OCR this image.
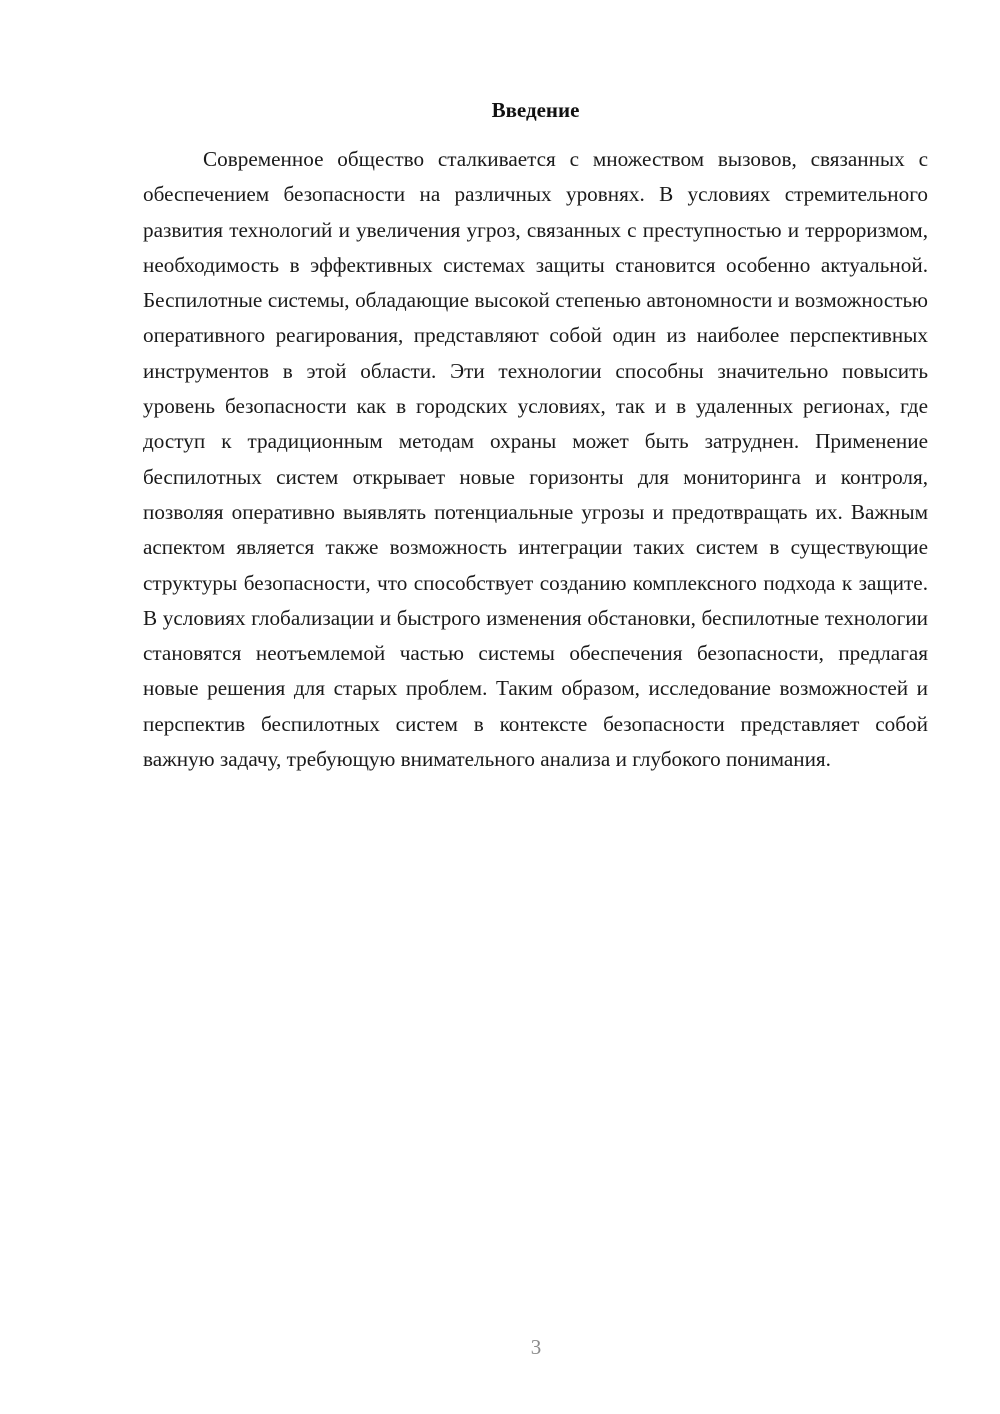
Введение

Современное общество сталкивается с множеством вызовов, связанных с обеспечением безопасности на различных уровнях. В условиях стремительного развития технологий и увеличения угроз, связанных с преступностью и терроризмом, необходимость в эффективных системах защиты становится особенно актуальной. Беспилотные системы, обладающие высокой степенью автономности и возможностью оперативного реагирования, представляют собой один из наиболее перспективных инструментов в этой области. Эти технологии способны значительно повысить уровень безопасности как в городских условиях, так и в удаленных регионах, где доступ к традиционным методам охраны может быть затруднен. Применение беспилотных систем открывает новые горизонты для мониторинга и контроля, позволяя оперативно выявлять потенциальные угрозы и предотвращать их. Важным аспектом является также возможность интеграции таких систем в существующие структуры безопасности, что способствует созданию комплексного подхода к защите. В условиях глобализации и быстрого изменения обстановки, беспилотные технологии становятся неотъемлемой частью системы обеспечения безопасности, предлагая новые решения для старых проблем. Таким образом, исследование возможностей и перспектив беспилотных систем в контексте безопасности представляет собой важную задачу, требующую внимательного анализа и глубокого понимания.

3
